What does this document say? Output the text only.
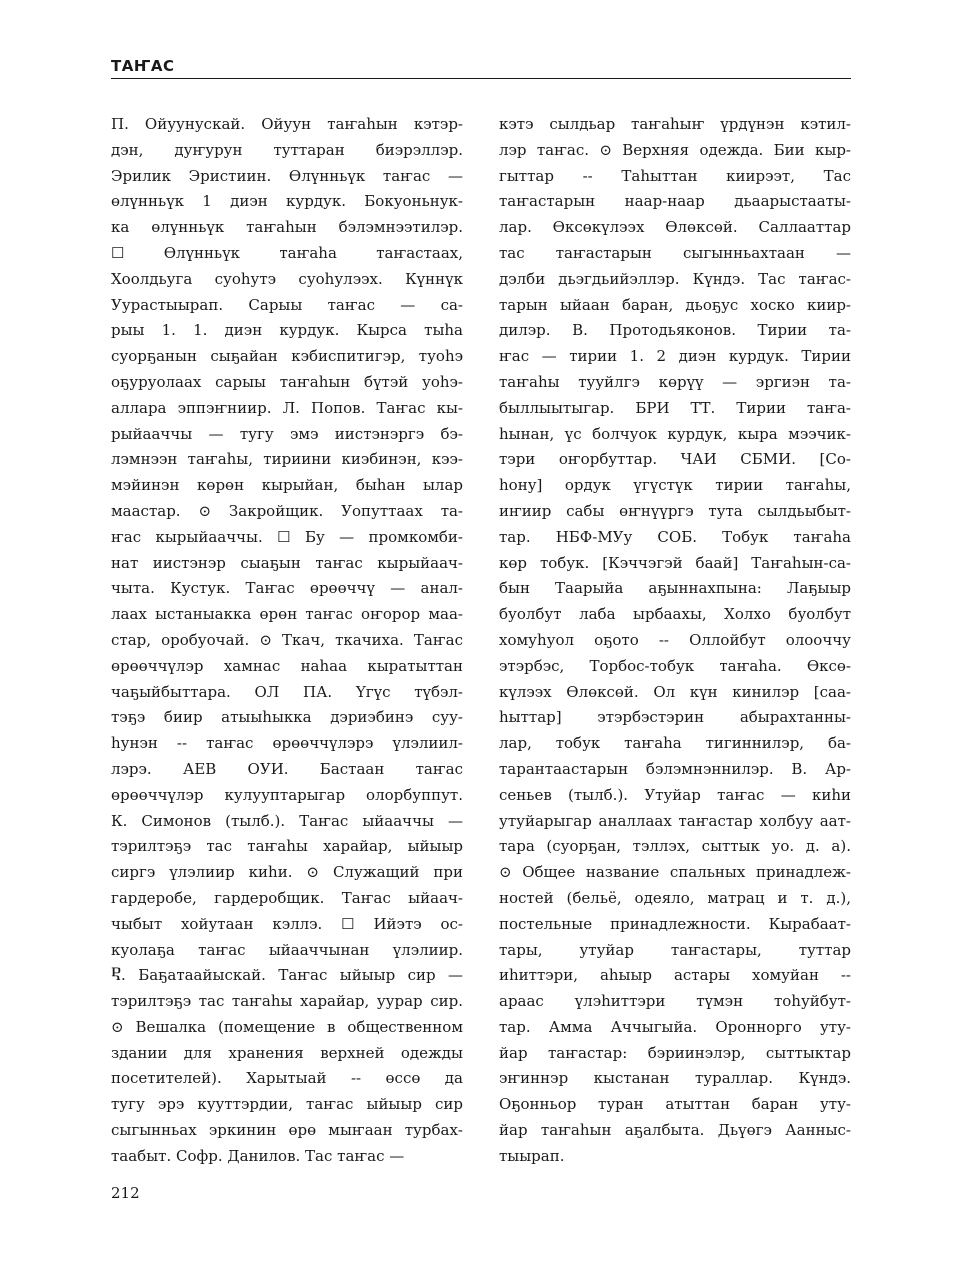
ТАҤАС
П. Ойуунускай. Ойуун таҥаһын кэтэр-
дэн, дуҥурун туттаран биэрэллэр.
Эрилик Эристиин. Өлүнньүк таҥас —
өлүнньүк 1 диэн курдук. Бокуоньнук-
ка өлүнньүк таҥаһын бэлэмнээтилэр.
☐ Өлүнньүк таҥаһа таҥастаах,
Хоолдьуга суоһутэ суоһулээх. Күннүк
Уурастыырап. Сарыы таҥас — са-
рыы 1. 1. диэн курдук. Кырса тыһа
суорҕанын сыҕайан кэбиспитигэр, туоһэ
оҕуруолаах сарыы таҥаһын бүтэй уоһэ-
аллара эппэҥниир. Л. Попов. Таҥас кы-
рыйааччы — тугу эмэ иистэнэргэ бэ-
лэмнээн таҥаһы, тириини киэбинэн, кээ-
мэйинэн көрөн кырыйан, быһан ылар
маастар. ⊙ Закройщик. Уопуттаах та-
ҥас кырыйааччы. ☐ Бу — промкомби-
нат иистэнэр сыаҕын таҥас кырыйаач-
чыта. Кустук. Таҥас өрөөччү — анал-
лаах ыстаныакка өрөн таҥас оҥорор маа-
стар, оробуочай. ⊙ Ткач, ткачиха. Таҥас
өрөөччүлэр хамнас наһаа кыратыттан
чаҕыйбыттара. ОЛ ПА. Үгүс түбэл-
тэҕэ биир атыыһыкка дэриэбинэ суу-
һунэн -- таҥас өрөөччүлэрэ үлэлиил-
лэрэ. АЕВ ОУИ. Бастаан таҥас
өрөөччүлэр кулууптарыгар олорбуппут.
К. Симонов (тылб.). Таҥас ыйааччы —
тэрилтэҕэ тас таҥаһы харайар, ыйыыр
сиргэ үлэлиир киһи. ⊙ Служащий при
гардеробе, гардеробщик. Таҥас ыйаач-
чыбыт хойутаан кэллэ. ☐ Ийэтэ ос-
куолаҕа таҥас ыйааччынан үлэлиир.
Ⴒ. Баҕатаайыскай. Таҥас ыйыыр сир —
тэрилтэҕэ тас таҥаһы харайар, уурар сир.
⊙ Вешалка (помещение в общественном
здании для хранения верхней одежды
посетителей). Харытыай -- өссө да
тугу эрэ кууттэрдии, таҥас ыйыыр сир
сыгынньах эркинин өрө мыҥаан турбах-
таабыт. Софр. Данилов. Тас таҥас —
кэтэ сылдьар таҥаһыҥ үрдүнэн кэтил-
лэр таҥас. ⊙ Верхняя одежда. Бии кыр-
гыттар -- Таһыттан киирээт, Тас
таҥастарын наар-наар дьаарыстааты-
лар. Өксөкүлээх Өлөксөй. Саллааттар
тас таҥастарын сыгынньахтаан —
дэлби дьэгдьийэллэр. Күндэ. Тас таҥас-
тарын ыйаан баран, дьоҕус хоско киир-
дилэр. В. Протодьяконов. Тирии та-
ҥас — тирии 1. 2 диэн курдук. Тирии
таҥаһы тууйлгэ көрүү — эргиэн та-
быллыытыгар. БРИ ТТ. Тирии таҥа-
һынан, үс болчуок курдук, кыра мээчик-
тэри оҥорбуттар. ЧАИ СБМИ. [Со-
һону] ордук үгүстүк тирии таҥаһы,
иҥиир сабы өҥнүүргэ тута сылдьыбыт-
тар. НБФ-МУу СОБ. Тобук таҥаһа
көр тобук. [Кэччэгэй баай] Таҥаһын-са-
бын Таарыйа аҕыннахпына: Лаҕыыр
буолбут лаба ырбаахы, Холхо буолбут
хомуһуол оҕото -- Оллойбут олооччу
этэрбэс, Торбос-тобук таҥаһа. Өксө-
күлээх Өлөксөй. Ол күн кинилэр [саа-
һыттар] этэрбэстэрин абырахтанны-
лар, тобук таҥаһа тигиннилэр, ба-
тарантаастарын бэлэмнэннилэр. В. Ар-
сеньев (тылб.). Утуйар таҥас — киһи
утуйарыгар аналлаах таҥастар холбуу аат-
тара (суорҕан, тэллэх, сыттык уо. д. а).
⊙ Общее название спальных принадлеж-
ностей (бельё, одеяло, матрац и т. д.),
постельные принадлежности. Кырабаат-
тары, утуйар таҥастары, туттар
иһиттэри, аһыыр астары хомуйан --
араас үлэһиттэри түмэн тоһуйбут-
тар. Амма Аччыгыйа. Оронноргo уту-
йар таҥастар: бэриинэлэр, сыттыктар
эҥиннэр кыстанан тураллар. Күндэ.
Оҕонньор туран атыттан баран уту-
йар таҥаһын аҕалбыта. Дьүөгэ Аанныс-
тыырап.
212
